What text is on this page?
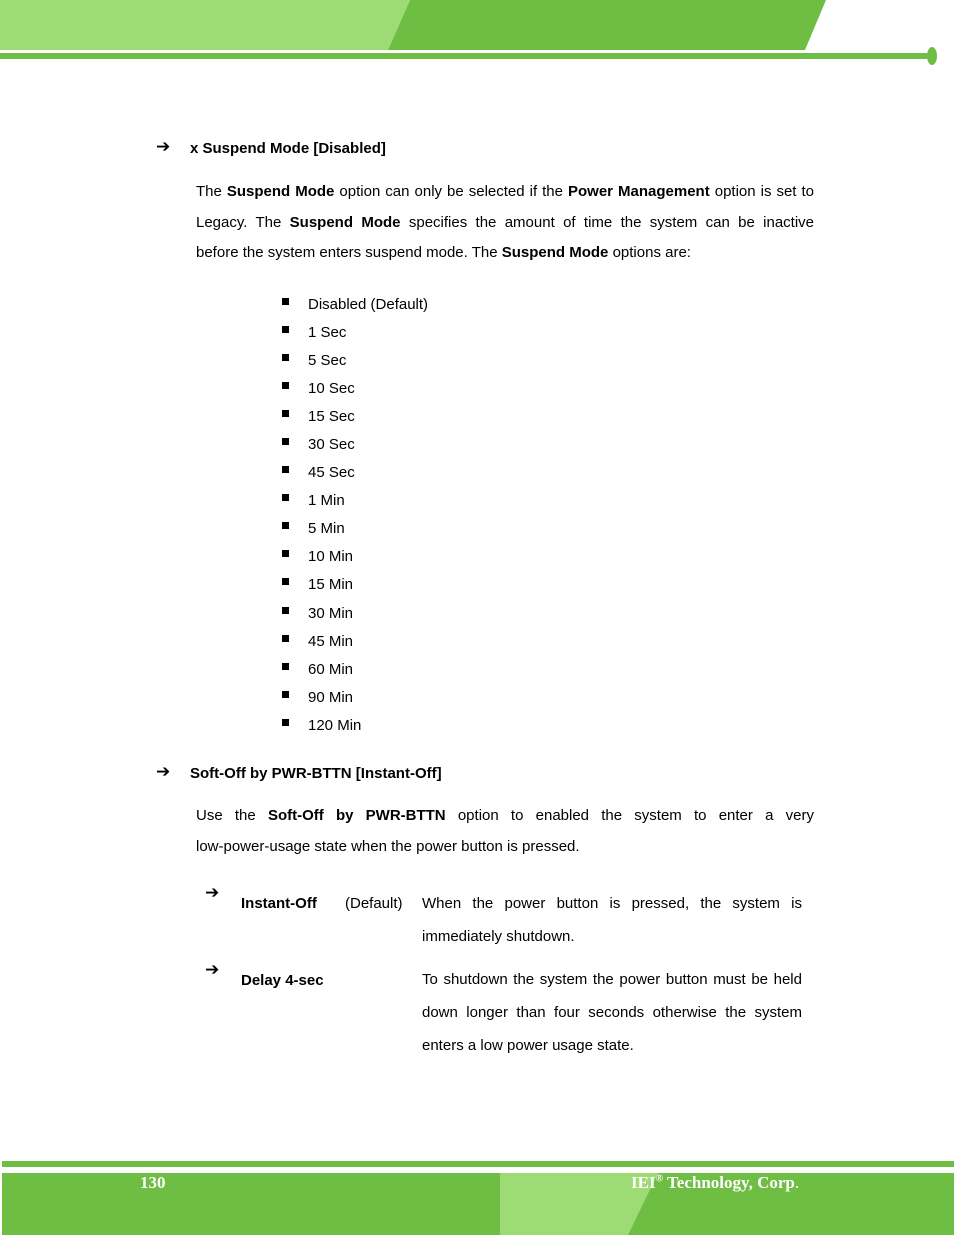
➔ x Suspend Mode [Disabled]
The Suspend Mode option can only be selected if the Power Management option is set to
Legacy. The Suspend Mode specifies the amount of time the system can be inactive
before the system enters suspend mode. The Suspend Mode options are:
Disabled (Default)
1 Sec
5 Sec
10 Sec
15 Sec
30 Sec
45 Sec
1 Min
5 Min
10 Min
15 Min
30 Min
45 Min
60 Min
90 Min
120 Min
➔ Soft-Off by PWR-BTTN [Instant-Off]
Use the Soft-Off by PWR-BTTN option to enabled the system to enter a very
low-power-usage state when the power button is pressed.
➔
Instant-Off (Default) When the power button is pressed, the system is
immediately shutdown.
➔
Delay 4-sec	To shutdown the system the power button must be held
down longer than four seconds otherwise the system
enters a low power usage state.
130	IEI® Technology, Corp.
